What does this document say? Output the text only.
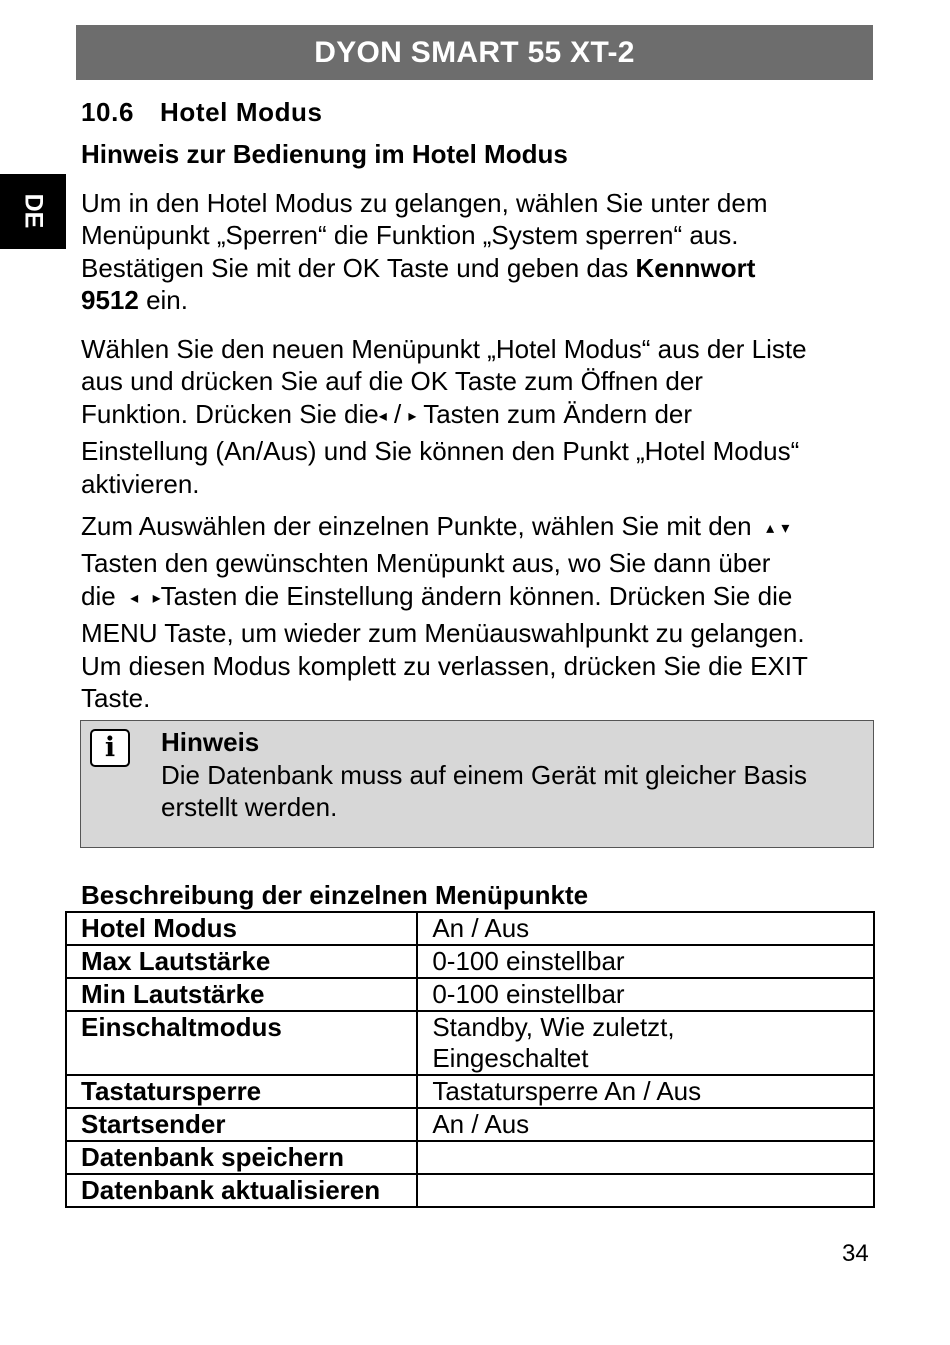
DYON SMART 55 XT-2
DE
10.6 Hotel Modus
Hinweis zur Bedienung im Hotel Modus
Um in den Hotel Modus zu gelangen, wählen Sie unter dem
Menüpunkt „Sperren“ die Funktion „System sperren“ aus.
Bestätigen Sie mit der OK Taste und geben das Kennwort
9512 ein.
Wählen Sie den neuen Menüpunkt „Hotel Modus“ aus der Liste
aus und drücken Sie auf die OK Taste zum Öffnen der
Funktion. Drücken Sie die◂ / ▸ Tasten zum Ändern der
Einstellung (An/Aus) und Sie können den Punkt „Hotel Modus“
aktivieren.
Zum Auswählen der einzelnen Punkte, wählen Sie mit den ▴ ▾
Tasten den gewünschten Menüpunkt aus, wo Sie dann über
die ◂ ▸Tasten die Einstellung ändern können. Drücken Sie die
MENU Taste, um wieder zum Menüauswahlpunkt zu gelangen.
Um diesen Modus komplett zu verlassen, drücken Sie die EXIT
Taste.
i	Hinweis
Die Datenbank muss auf einem Gerät mit gleicher Basis erstellt werden.
Beschreibung der einzelnen Menüpunkte
Hotel Modus	An / Aus
Max Lautstärke	0-100 einstellbar
Min Lautstärke	0-100 einstellbar
Einschaltmodus	Standby, Wie zuletzt,
Eingeschaltet

Tastatursperre	Tastatursperre An / Aus
Startsender	An / Aus
Datenbank speichern	
Datenbank aktualisieren	
34
